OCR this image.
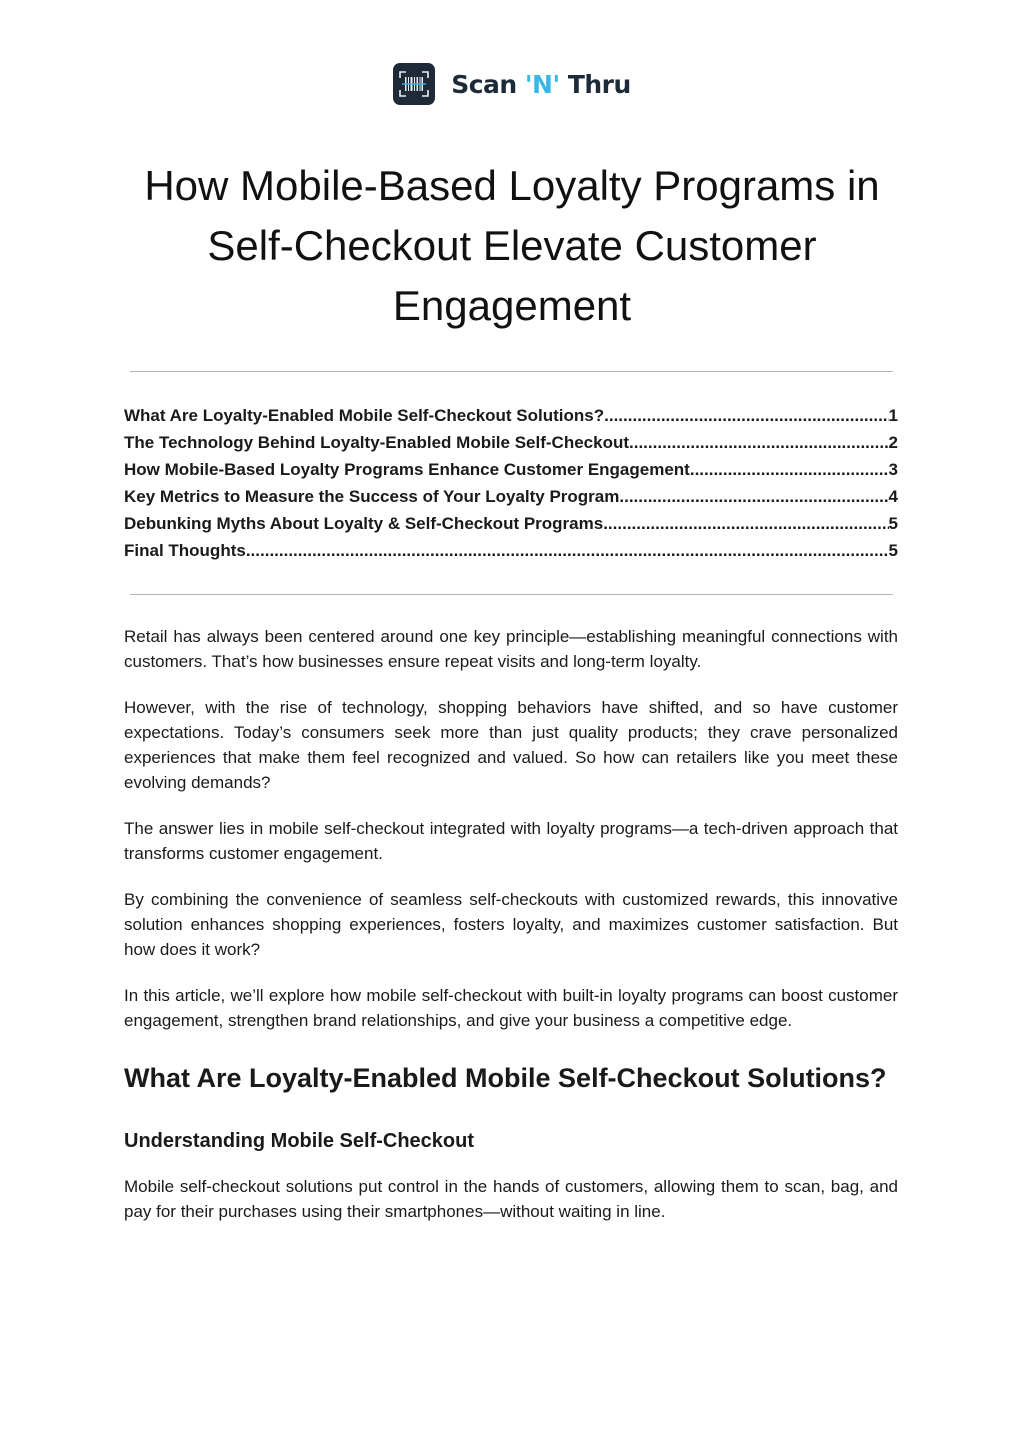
Scan 'N' Thru
How Mobile-Based Loyalty Programs in Self-Checkout Elevate Customer Engagement
What Are Loyalty-Enabled Mobile Self-Checkout Solutions? .....	1
The Technology Behind Loyalty-Enabled Mobile Self-Checkout .....	2
How Mobile-Based Loyalty Programs Enhance Customer Engagement .....	3
Key Metrics to Measure the Success of Your Loyalty Program .....	4
Debunking Myths About Loyalty & Self-Checkout Programs .....	5
Final Thoughts .....	5

Retail has always been centered around one key principle—establishing meaningful connections with customers. That’s how businesses ensure repeat visits and long-term loyalty.

However, with the rise of technology, shopping behaviors have shifted, and so have customer expectations. Today’s consumers seek more than just quality products; they crave personalized experiences that make them feel recognized and valued. So how can retailers like you meet these evolving demands?

The answer lies in mobile self-checkout integrated with loyalty programs—a tech-driven approach that transforms customer engagement.

By combining the convenience of seamless self-checkouts with customized rewards, this innovative solution enhances shopping experiences, fosters loyalty, and maximizes customer satisfaction. But how does it work?

In this article, we’ll explore how mobile self-checkout with built-in loyalty programs can boost customer engagement, strengthen brand relationships, and give your business a competitive edge.

What Are Loyalty-Enabled Mobile Self-Checkout Solutions?
Understanding Mobile Self-Checkout

Mobile self-checkout solutions put control in the hands of customers, allowing them to scan, bag, and pay for their purchases using their smartphones—without waiting in line.
